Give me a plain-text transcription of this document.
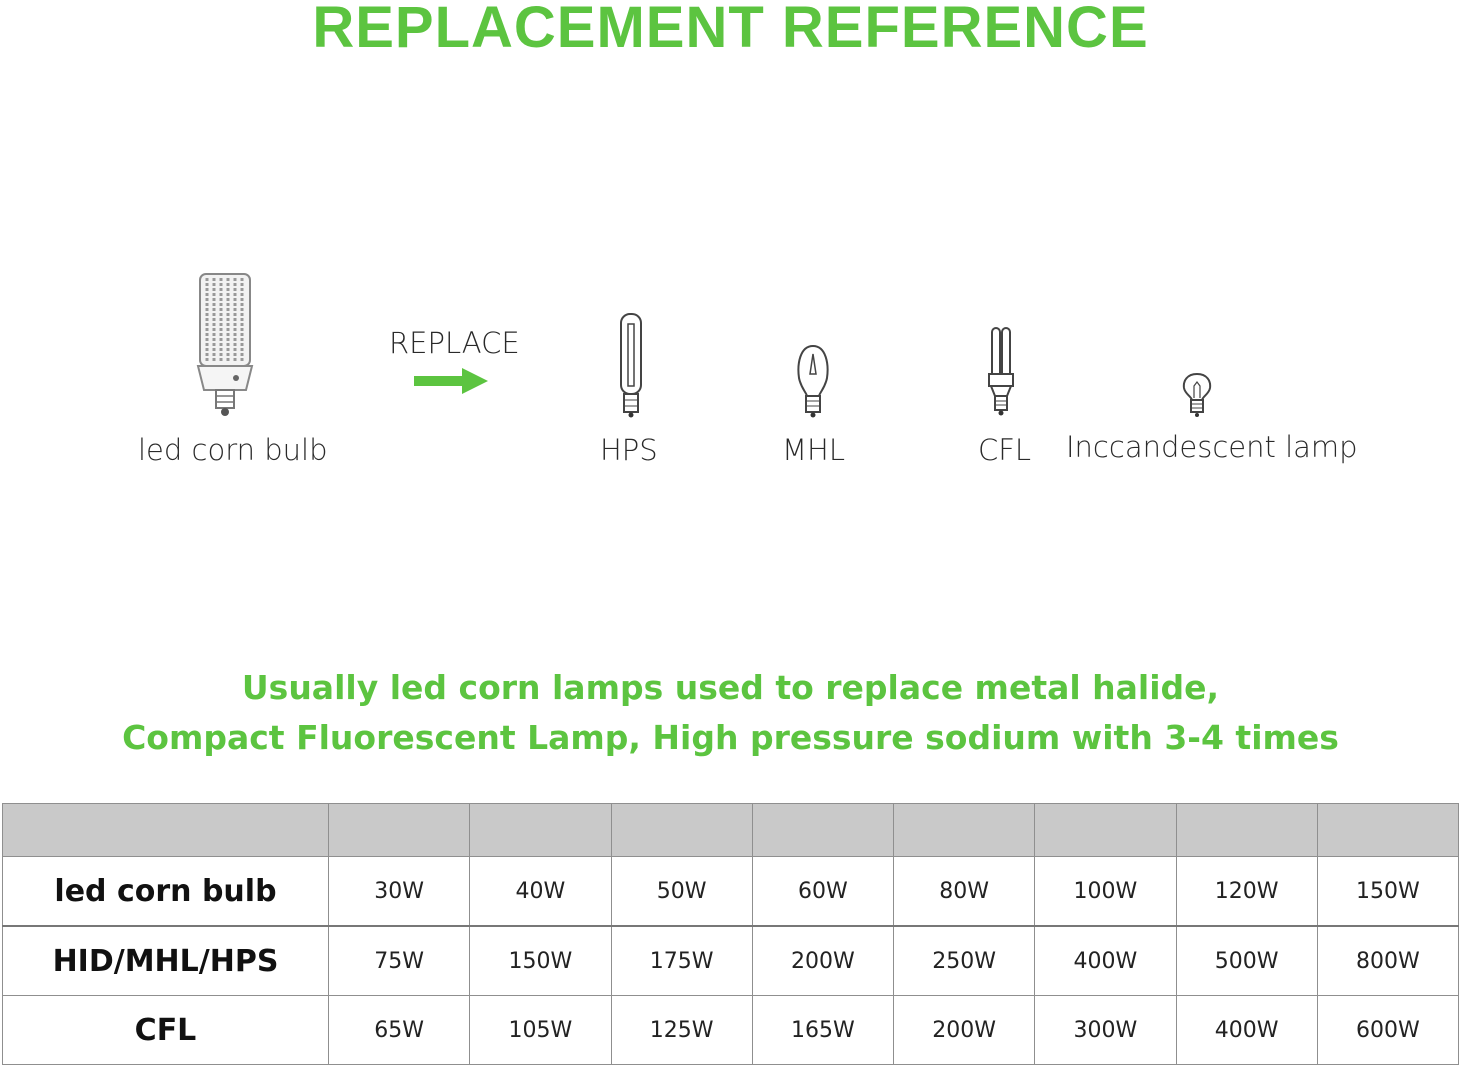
REPLACEMENT REFERENCE
led corn bulb
REPLACE
HPS	MHL	CFL Inccandescent lamp
Usually led corn lamps used to replace metal halide,
Compact Fluorescent Lamp, High pressure sodium with 3-4 times

led corn bulb	30W	40W	50W	60W	80W	100W	120W	150W
HID/MHL/HPS	75W	150W	175W	200W	250W	400W	500W	800W
CFL	65W	105W	125W	165W	200W	300W	400W	600W
